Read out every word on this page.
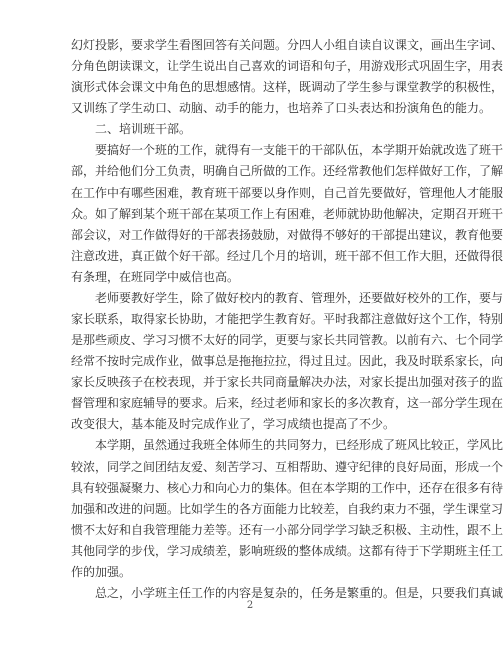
幻灯投影，要求学生看图回答有关问题。分四人小组自读自议课文，画出生字词、
分角色朗读课文，让学生说出自己喜欢的词语和句子，用游戏形式巩固生字，用表
演形式体会课文中角色的思想感情。这样，既调动了学生参与课堂教学的积极性，
又训练了学生动口、动脑、动手的能力，也培养了口头表达和扮演角色的能力。
二、培训班干部。
要搞好一个班的工作，就得有一支能干的干部队伍，本学期开始就改选了班干
部，并给他们分工负责，明确自己所做的工作。还经常教他们怎样做好工作，了解
在工作中有哪些困难，教育班干部要以身作则，自己首先要做好，管理他人才能服
众。如了解到某个班干部在某项工作上有困难，老师就协助他解决，定期召开班干
部会议，对工作做得好的干部表扬鼓励，对做得不够好的干部提出建议，教育他要
注意改进，真正做个好干部。经过几个月的培训，班干部不但工作大胆，还做得很
有条理，在班同学中威信也高。
老师要教好学生，除了做好校内的教育、管理外，还要做好校外的工作，要与
家长联系，取得家长协助，才能把学生教育好。平时我都注意做好这个工作，特别
是那些顽皮、学习习惯不太好的同学，更要与家长共同管教。以前有六、七个同学
经常不按时完成作业，做事总是拖拖拉拉，得过且过。因此，我及时联系家长，向
家长反映孩子在校表现，并于家长共同商量解决办法，对家长提出加强对孩子的监
督管理和家庭辅导的要求。后来，经过老师和家长的多次教育，这一部分学生现在
改变很大，基本能及时完成作业了，学习成绩也提高了不少。
本学期，虽然通过我班全体师生的共同努力，已经形成了班风比较正，学风比
较浓，同学之间团结友爱、刻苦学习、互相帮助、遵守纪律的良好局面，形成一个
具有较强凝聚力、核心力和向心力的集体。但在本学期的工作中，还存在很多有待
加强和改进的问题。比如学生的各方面能力比较差，自我约束力不强，学生课堂习
惯不太好和自我管理能力差等。还有一小部分同学学习缺乏积极、主动性，跟不上
其他同学的步伐，学习成绩差，影响班级的整体成绩。这都有待于下学期班主任工
作的加强。
总之，小学班主任工作的内容是复杂的，任务是繁重的。但是，只要我们真诚
2
